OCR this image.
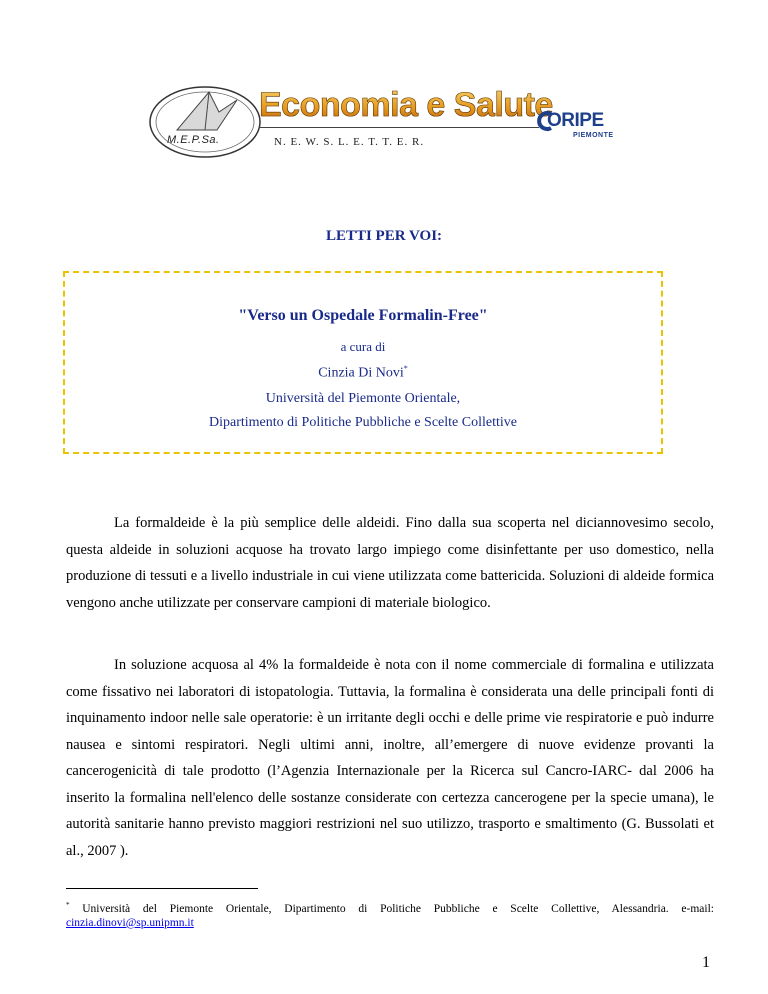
M.E.P.Sa.
Economia e Salute
N. E. W. S. L. E. T. T. E. R.
ORIPE
PIEMONTE
LETTI PER VOI:
"Verso un Ospedale Formalin-Free"
a cura di
Cinzia Di Novi*
Università del Piemonte Orientale,
Dipartimento di Politiche Pubbliche e Scelte Collettive

La formaldeide è la più semplice delle aldeidi. Fino dalla sua scoperta nel diciannovesimo secolo, questa aldeide in soluzioni acquose ha trovato largo impiego come disinfettante per uso domestico, nella produzione di tessuti e a livello industriale in cui viene utilizzata come battericida. Soluzioni di aldeide formica vengono anche utilizzate per conservare campioni di materiale biologico.

In soluzione acquosa al 4% la formaldeide è nota con il nome commerciale di formalina e utilizzata come fissativo nei laboratori di istopatologia. Tuttavia, la formalina è considerata una delle principali fonti di inquinamento indoor nelle sale operatorie: è un irritante degli occhi e delle prime vie respiratorie e può indurre nausea e sintomi respiratori. Negli ultimi anni, inoltre, all’emergere di nuove evidenze provanti la cancerogenicità di tale prodotto (l’Agenzia Internazionale per la Ricerca sul Cancro-IARC- dal 2006 ha inserito la formalina nell'elenco delle sostanze considerate con certezza cancerogene per la specie umana), le autorità sanitarie hanno previsto maggiori restrizioni nel suo utilizzo, trasporto e smaltimento (G. Bussolati et al., 2007 ).

* Università del Piemonte Orientale, Dipartimento di Politiche Pubbliche e Scelte Collettive, Alessandria. e-mail: cinzia.dinovi@sp.unipmn.it
1
